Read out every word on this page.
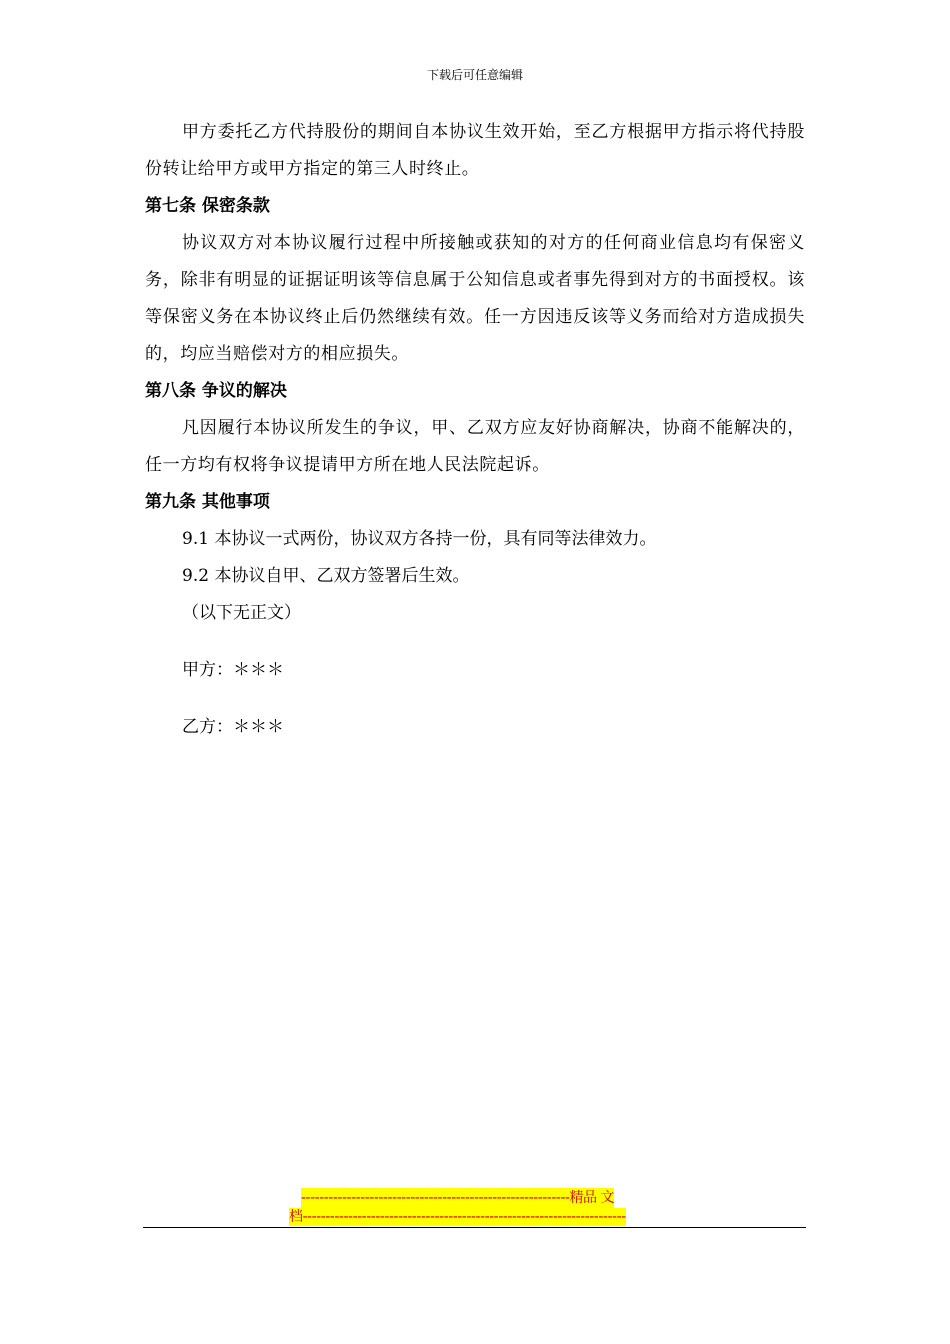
下载后可任意编辑

甲方委托乙方代持股份的期间自本协议生效开始，至乙方根据甲方指示将代持股份转让给甲方或甲方指定的第三人时终止。

第七条 保密条款

协议双方对本协议履行过程中所接触或获知的对方的任何商业信息均有保密义务，除非有明显的证据证明该等信息属于公知信息或者事先得到对方的书面授权。该等保密义务在本协议终止后仍然继续有效。任一方因违反该等义务而给对方造成损失的，均应当赔偿对方的相应损失。

第八条 争议的解决

凡因履行本协议所发生的争议，甲、乙双方应友好协商解决，协商不能解决的，任一方均有权将争议提请甲方所在地人民法院起诉。

第九条 其他事项

9.1 本协议一式两份，协议双方各持一份，具有同等法律效力。

9.2 本协议自甲、乙双方签署后生效。

（以下无正文）

甲方：＊＊＊

乙方：＊＊＊

-----------------------------------------------------------精品 文
档-----------------------------------------------------------------------
